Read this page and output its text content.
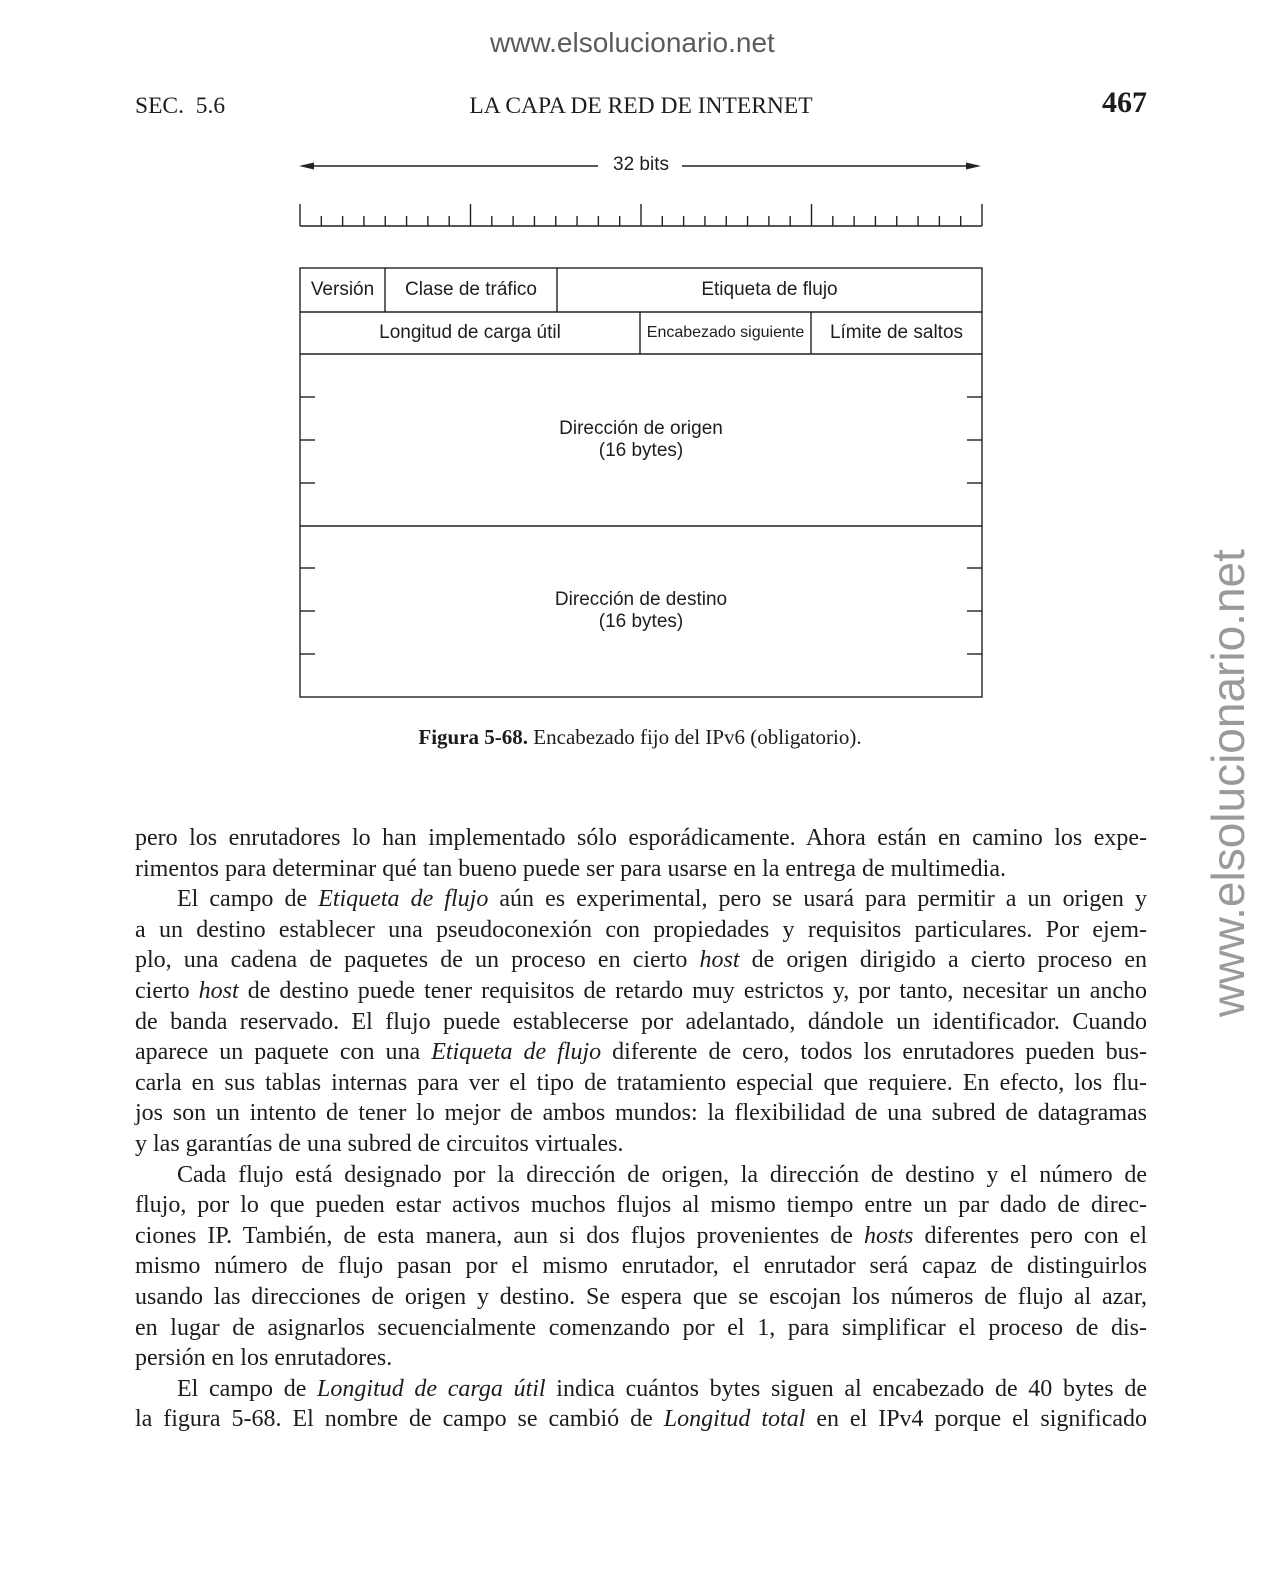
www.elsolucionario.net
www.elsolucionario.net
SEC.  5.6	LA CAPA DE RED DE INTERNET	467
32 bits
Versión	Clase de tráfico	Etiqueta de flujo
Longitud de carga útil	Encabezado siguiente	Límite de saltos
Dirección de origen
(16 bytes)
Dirección de destino
(16 bytes)
Figura 5-68. Encabezado fijo del IPv6 (obligatorio).
pero los enrutadores lo han implementado sólo esporádicamente. Ahora están en camino los expe-
rimentos para determinar qué tan bueno puede ser para usarse en la entrega de multimedia.
El campo de Etiqueta de flujo aún es experimental, pero se usará para permitir a un origen y
a un destino establecer una pseudoconexión con propiedades y requisitos particulares. Por ejem-
plo, una cadena de paquetes de un proceso en cierto host de origen dirigido a cierto proceso en
cierto host de destino puede tener requisitos de retardo muy estrictos y, por tanto, necesitar un ancho
de banda reservado. El flujo puede establecerse por adelantado, dándole un identificador. Cuando
aparece un paquete con una Etiqueta de flujo diferente de cero, todos los enrutadores pueden bus-
carla en sus tablas internas para ver el tipo de tratamiento especial que requiere. En efecto, los flu-
jos son un intento de tener lo mejor de ambos mundos: la flexibilidad de una subred de datagramas
y las garantías de una subred de circuitos virtuales.
Cada flujo está designado por la dirección de origen, la dirección de destino y el número de
flujo, por lo que pueden estar activos muchos flujos al mismo tiempo entre un par dado de direc-
ciones IP. También, de esta manera, aun si dos flujos provenientes de hosts diferentes pero con el
mismo número de flujo pasan por el mismo enrutador, el enrutador será capaz de distinguirlos
usando las direcciones de origen y destino. Se espera que se escojan los números de flujo al azar,
en lugar de asignarlos secuencialmente comenzando por el 1, para simplificar el proceso de dis-
persión en los enrutadores.
El campo de Longitud de carga útil indica cuántos bytes siguen al encabezado de 40 bytes de
la figura 5-68. El nombre de campo se cambió de Longitud total en el IPv4 porque el significado
